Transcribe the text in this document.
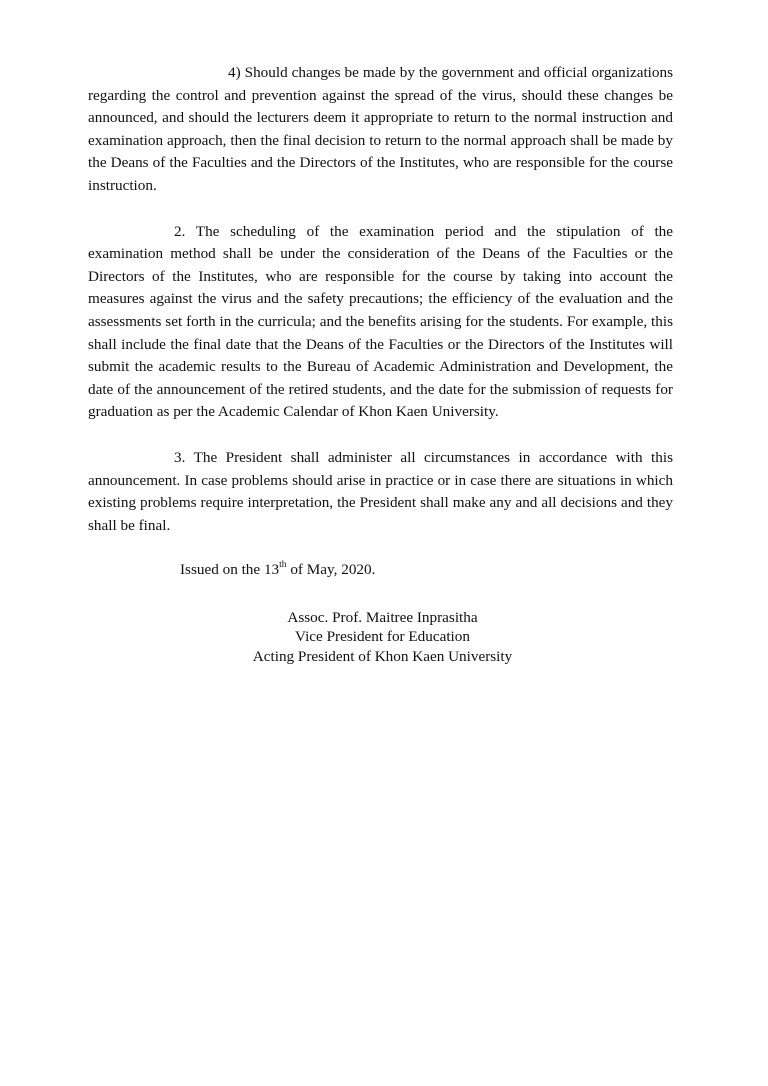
4) Should changes be made by the government and official organizations regarding the control and prevention against the spread of the virus, should these changes be announced, and should the lecturers deem it appropriate to return to the normal instruction and examination approach, then the final decision to return to the normal approach shall be made by the Deans of the Faculties and the Directors of the Institutes, who are responsible for the course instruction.

2. The scheduling of the examination period and the stipulation of the examination method shall be under the consideration of the Deans of the Faculties or the Directors of the Institutes, who are responsible for the course by taking into account the measures against the virus and the safety precautions; the efficiency of the evaluation and the assessments set forth in the curricula; and the benefits arising for the students. For example, this shall include the final date that the Deans of the Faculties or the Directors of the Institutes will submit the academic results to the Bureau of Academic Administration and Development, the date of the announcement of the retired students, and the date for the submission of requests for graduation as per the Academic Calendar of Khon Kaen University.

3. The President shall administer all circumstances in accordance with this announcement. In case problems should arise in practice or in case there are situations in which existing problems require interpretation, the President shall make any and all decisions and they shall be final.

Issued on the 13th of May, 2020.
Assoc. Prof. Maitree Inprasitha
Vice President for Education
Acting President of Khon Kaen University
